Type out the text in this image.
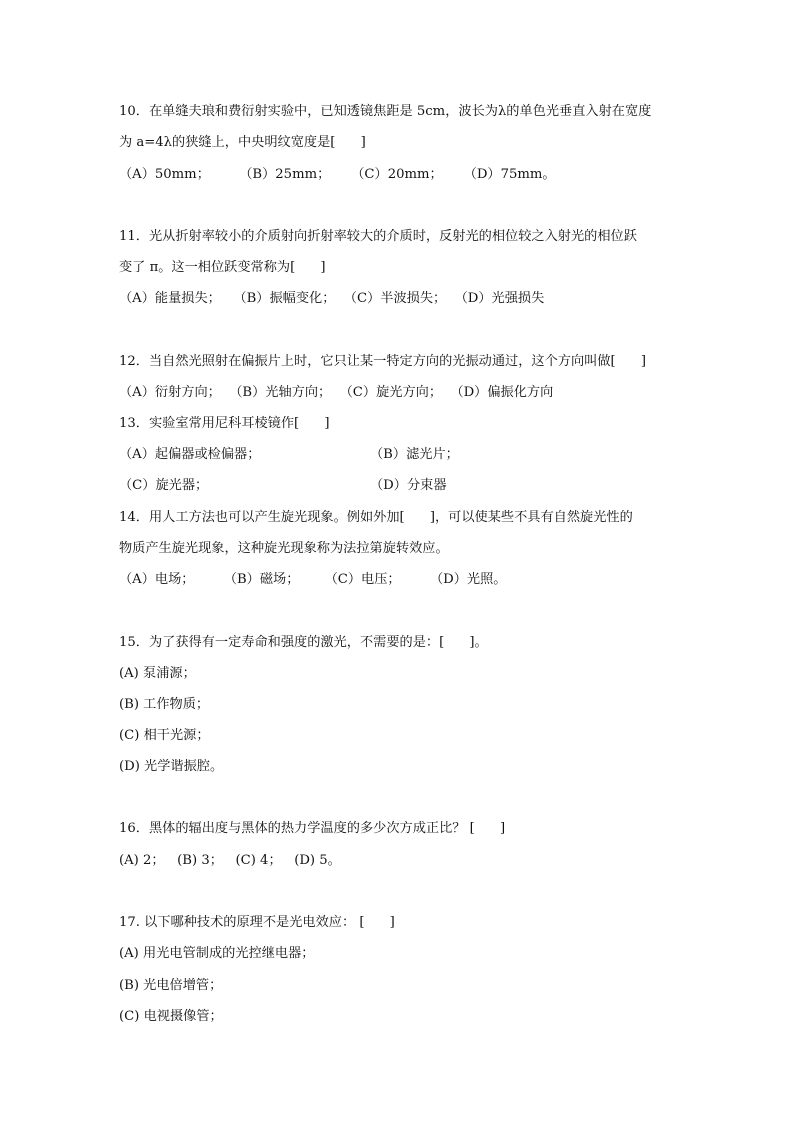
10．在单缝夫琅和费衍射实验中，已知透镜焦距是 5cm，波长为λ的单色光垂直入射在宽度
为 a=4λ的狭缝上，中央明纹宽度是[      ]
（A）50mm；       （B）25mm；     （C）20mm；     （D）75mm。
11．光从折射率较小的介质射向折射率较大的介质时，反射光的相位较之入射光的相位跃
变了 π。这一相位跃变常称为[      ]
（A）能量损失；   （B）振幅变化；  （C）半波损失；  （D）光强损失
12．当自然光照射在偏振片上时，它只让某一特定方向的光振动通过，这个方向叫做[      ]
（A）衍射方向；  （B）光轴方向；  （C）旋光方向；  （D）偏振化方向
13．实验室常用尼科耳棱镜作[      ]
（A）起偏器或检偏器；	（B）滤光片；
（C）旋光器；	（D）分束器
14．用人工方法也可以产生旋光现象。例如外加[      ]，可以使某些不具有自然旋光性的
物质产生旋光现象，这种旋光现象称为法拉第旋转效应。
（A）电场；       （B）磁场；      （C）电压；       （D）光照。
15．为了获得有一定寿命和强度的激光，不需要的是：[      ]。
(A) 泵浦源；
(B) 工作物质；
(C) 相干光源；
(D) 光学谐振腔。
16．黑体的辐出度与黑体的热力学温度的多少次方成正比？ [      ]
(A) 2；   (B) 3；   (C) 4；   (D) 5。
17. 以下哪种技术的原理不是光电效应： [      ]
(A) 用光电管制成的光控继电器；
(B) 光电倍增管；
(C) 电视摄像管；
